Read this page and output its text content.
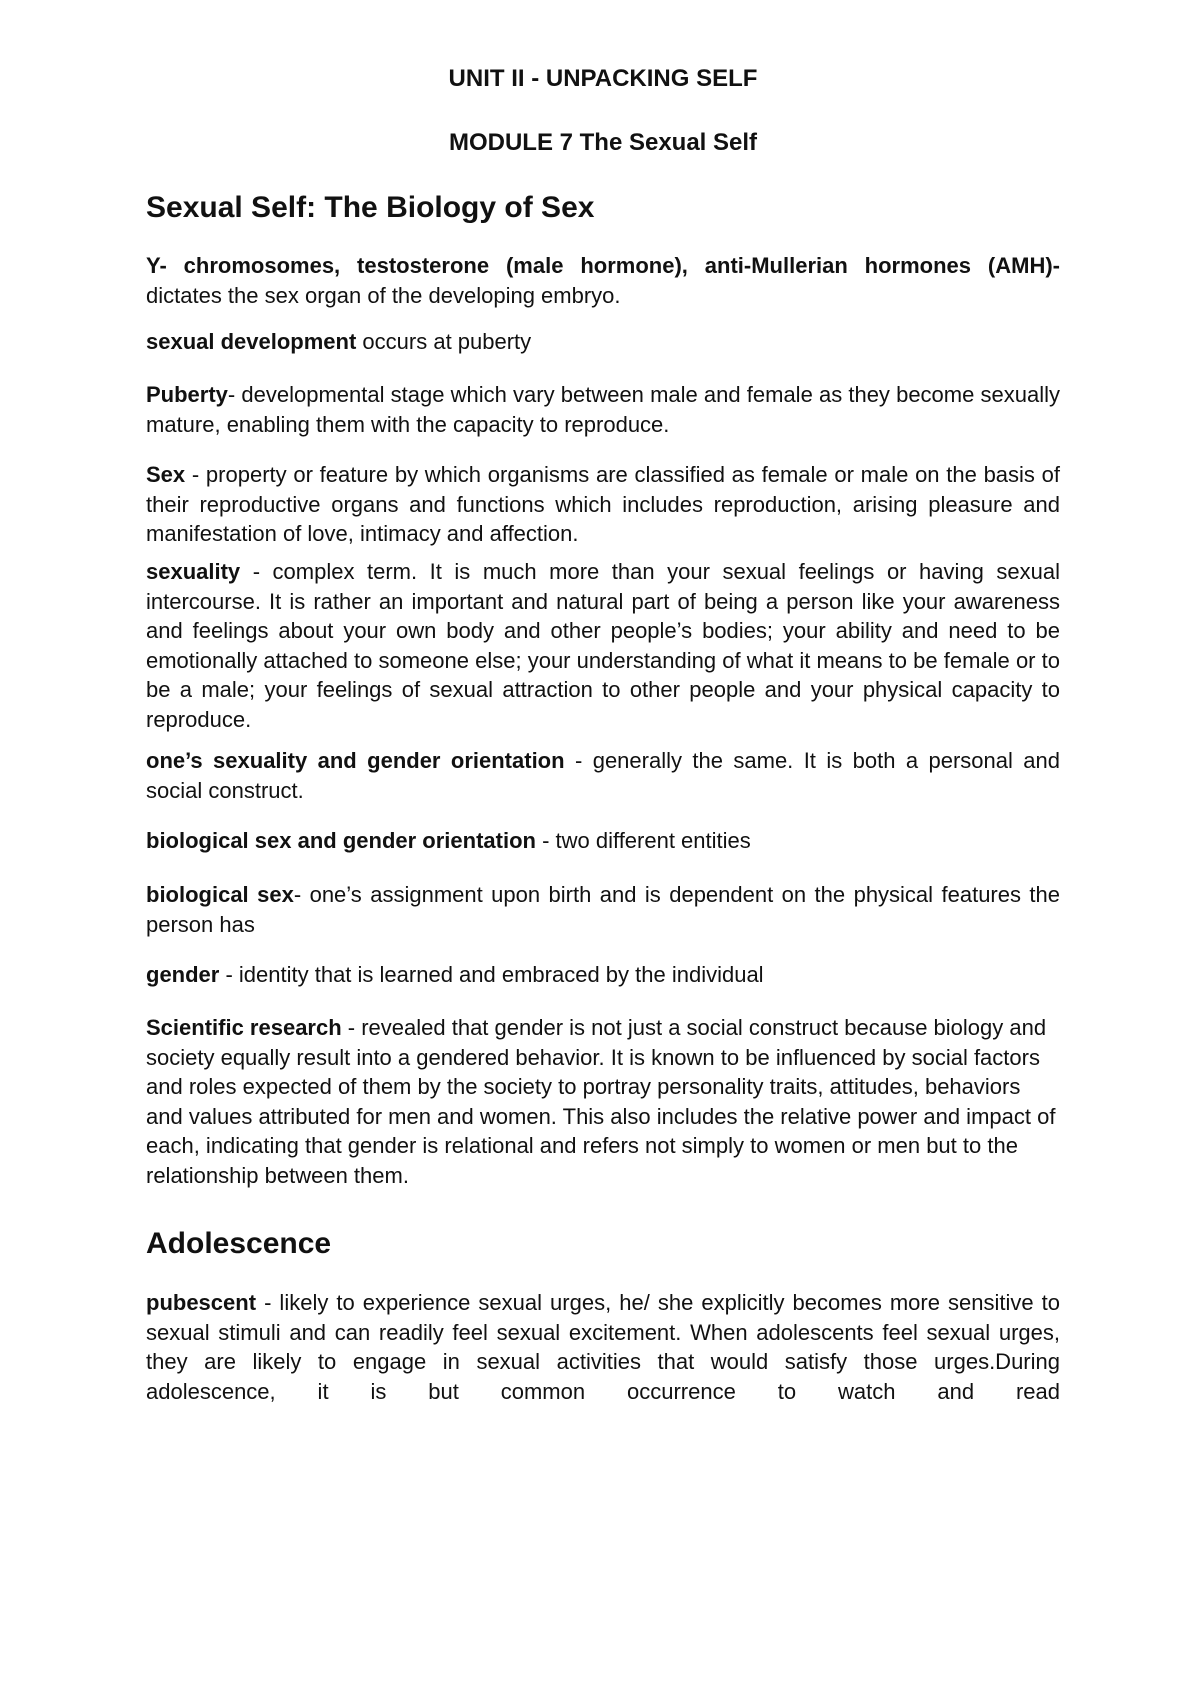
UNIT II - UNPACKING SELF
MODULE 7 The Sexual Self
Sexual Self: The Biology of Sex

Y- chromosomes, testosterone (male hormone), anti-Mullerian hormones (AMH)- dictates the sex organ of the developing embryo.

sexual development occurs at puberty

Puberty- developmental stage which vary between male and female as they become sexually mature, enabling them with the capacity to reproduce.

Sex - property or feature by which organisms are classified as female or male on the basis of their reproductive organs and functions which includes reproduction, arising pleasure and manifestation of love, intimacy and affection.

sexuality - complex term. It is much more than your sexual feelings or having sexual intercourse. It is rather an important and natural part of being a person like your awareness and feelings about your own body and other people’s bodies; your ability and need to be emotionally attached to someone else; your understanding of what it means to be female or to be a male; your feelings of sexual attraction to other people and your physical capacity to reproduce.

one’s sexuality and gender orientation - generally the same. It is both a personal and social construct.

biological sex and gender orientation - two different entities

biological sex- one’s assignment upon birth and is dependent on the physical features the person has

gender - identity that is learned and embraced by the individual

Scientific research - revealed that gender is not just a social construct because biology and society equally result into a gendered behavior. It is known to be influenced by social factors and roles expected of them by the society to portray personality traits, attitudes, behaviors and values attributed for men and women. This also includes the relative power and impact of each, indicating that gender is relational and refers not simply to women or men but to the relationship between them.

Adolescence

pubescent - likely to experience sexual urges, he/ she explicitly becomes more sensitive to sexual stimuli and can readily feel sexual excitement. When adolescents feel sexual urges, they are likely to engage in sexual activities that would satisfy those urges.During adolescence, it is but common occurrence to watch and read
